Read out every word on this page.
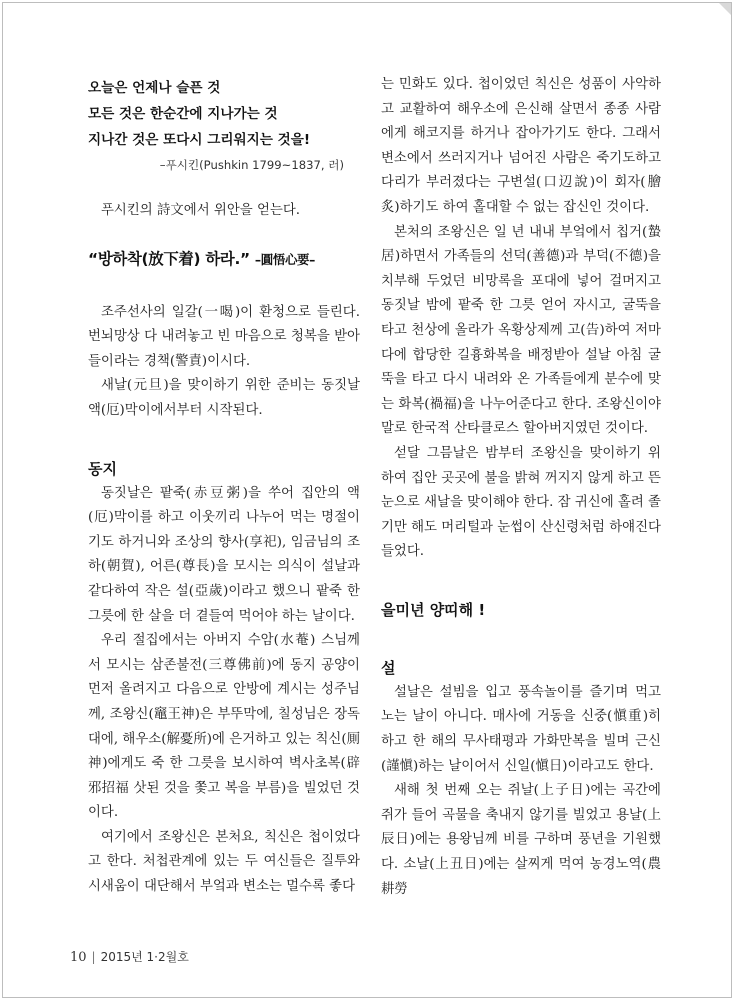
오늘은 언제나 슬픈 것
모든 것은 한순간에 지나가는 것
지나간 것은 또다시 그리워지는 것을!
–푸시킨(Pushkin 1799~1837, 러)

푸시킨의 詩文에서 위안을 얻는다.

“방하착(放下着) 하라.” –圓悟心要–

조주선사의 일갈(一喝)이 환청으로 들린다. 번뇌망상 다 내려놓고 빈 마음으로 청복을 받아들이라는 경책(警責)이시다.

새날(元旦)을 맞이하기 위한 준비는 동짓날 액(厄)막이에서부터 시작된다.

동지

동짓날은 팥죽(赤豆粥)을 쑤어 집안의 액(厄)막이를 하고 이웃끼리 나누어 먹는 명절이기도 하거니와 조상의 향사(享祀), 임금님의 조하(朝賀), 어른(尊長)을 모시는 의식이 설날과 같다하여 작은 설(亞歲)이라고 했으니 팥죽 한 그릇에 한 살을 더 곁들여 먹어야 하는 날이다.

우리 절집에서는 아버지 수암(水菴) 스님께서 모시는 삼존불전(三尊佛前)에 동지 공양이 먼저 올려지고 다음으로 안방에 계시는 성주님께, 조왕신(竈王神)은 부뚜막에, 칠성님은 장독대에, 해우소(解憂所)에 은거하고 있는 칙신(厠神)에게도 죽 한 그릇을 보시하여 벽사초복(辟邪招福 삿된 것을 쫓고 복을 부름)을 빌었던 것이다.

여기에서 조왕신은 본처요, 칙신은 첩이었다고 한다. 처첩관계에 있는 두 여신들은 질투와 시새움이 대단해서 부엌과 변소는 멀수록 좋다

는 민화도 있다. 첩이었던 칙신은 성품이 사악하고 교활하여 해우소에 은신해 살면서 종종 사람에게 해코지를 하거나 잡아가기도 한다. 그래서 변소에서 쓰러지거나 넘어진 사람은 죽기도하고 다리가 부러졌다는 구변설(口辺說)이 회자(膾炙)하기도 하여 홀대할 수 없는 잡신인 것이다.

본처의 조왕신은 일 년 내내 부엌에서 칩거(蟄居)하면서 가족들의 선덕(善德)과 부덕(不德)을 치부해 두었던 비망록을 포대에 넣어 걸머지고 동짓날 밤에 팥죽 한 그릇 얻어 자시고, 굴뚝을 타고 천상에 올라가 옥황상제께 고(告)하여 저마다에 합당한 길흉화복을 배정받아 설날 아침 굴뚝을 타고 다시 내려와 온 가족들에게 분수에 맞는 화복(禍福)을 나누어준다고 한다. 조왕신이야 말로 한국적 산타클로스 할아버지였던 것이다.

섣달 그믐날은 밤부터 조왕신을 맞이하기 위하여 집안 곳곳에 불을 밝혀 꺼지지 않게 하고 뜬눈으로 새날을 맞이해야 한다. 잠 귀신에 홀려 졸기만 해도 머리털과 눈썹이 산신령처럼 하얘진다 들었다.

을미년 양띠해 !
설

설날은 설빔을 입고 풍속놀이를 즐기며 먹고 노는 날이 아니다. 매사에 거동을 신중(愼重)히 하고 한 해의 무사태평과 가화만복을 빌며 근신(謹愼)하는 날이어서 신일(愼日)이라고도 한다.

새해 첫 번째 오는 쥐날(上子日)에는 곡간에 쥐가 들어 곡물을 축내지 않기를 빌었고 용날(上辰日)에는 용왕님께 비를 구하며 풍년을 기원했다. 소날(上丑日)에는 살찌게 먹여 농경노역(農耕勞

10 | 2015년 1·2월호
